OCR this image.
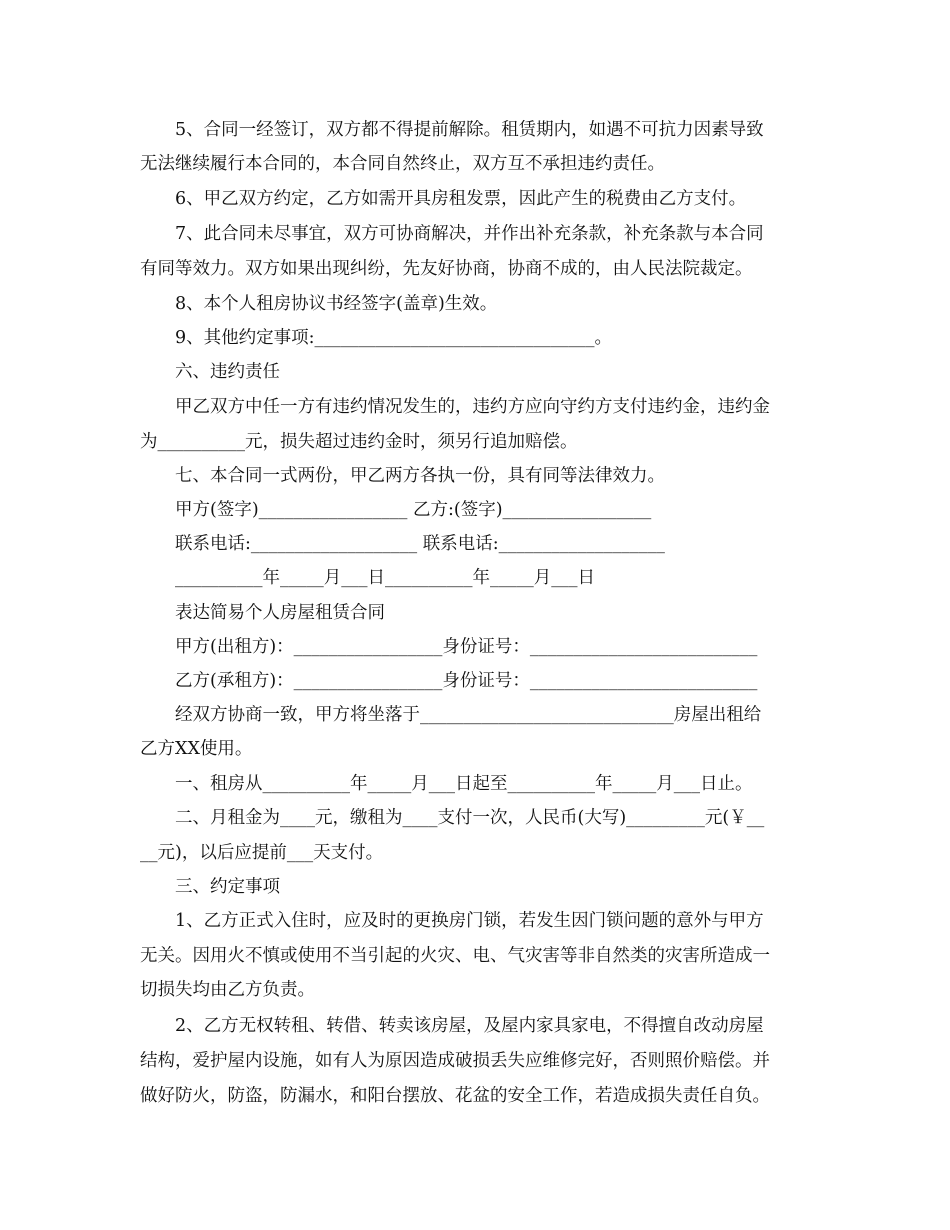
5、合同一经签订，双方都不得提前解除。租赁期内，如遇不可抗力因素导致
无法继续履行本合同的，本合同自然终止，双方互不承担违约责任。
6、甲乙双方约定，乙方如需开具房租发票，因此产生的税费由乙方支付。
7、此合同未尽事宜，双方可协商解决，并作出补充条款，补充条款与本合同
有同等效力。双方如果出现纠纷，先友好协商，协商不成的，由人民法院裁定。
8、本个人租房协议书经签字(盖章)生效。
9、其他约定事项:________________________________。
六、违约责任
甲乙双方中任一方有违约情况发生的，违约方应向守约方支付违约金，违约金
为__________元，损失超过违约金时，须另行追加赔偿。
七、本合同一式两份，甲乙两方各执一份，具有同等法律效力。
甲方(签字)_________________ 乙方:(签字)_________________
联系电话:___________________ 联系电话:___________________
__________年_____月___日__________年_____月___日
表达简易个人房屋租赁合同
甲方(出租方)：_________________身份证号：__________________________
乙方(承租方)：_________________身份证号：__________________________
经双方协商一致，甲方将坐落于_____________________________房屋出租给
乙方XX使用。
一、租房从__________年_____月___日起至__________年_____月___日止。
二、月租金为____元，缴租为____支付一次，人民币(大写)_________元(￥__
__元)，以后应提前___天支付。
三、约定事项
1、乙方正式入住时，应及时的更换房门锁，若发生因门锁问题的意外与甲方
无关。因用火不慎或使用不当引起的火灾、电、气灾害等非自然类的灾害所造成一
切损失均由乙方负责。
2、乙方无权转租、转借、转卖该房屋，及屋内家具家电，不得擅自改动房屋
结构，爱护屋内设施，如有人为原因造成破损丢失应维修完好，否则照价赔偿。并
做好防火，防盗，防漏水，和阳台摆放、花盆的安全工作，若造成损失责任自负。
